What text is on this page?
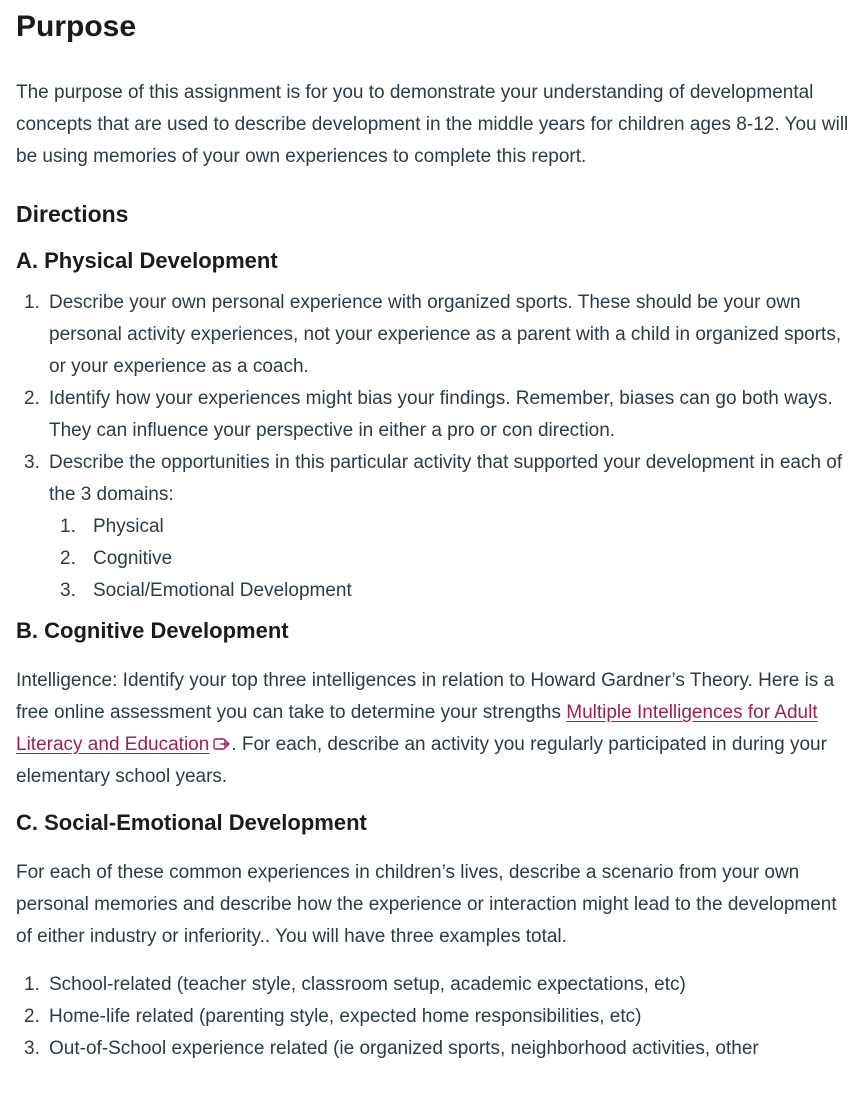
Purpose

The purpose of this assignment is for you to demonstrate your understanding of developmental concepts that are used to describe development in the middle years for children ages 8-12. You will be using memories of your own experiences to complete this report.

Directions
A. Physical Development
1. Describe your own personal experience with organized sports. These should be your own personal activity experiences, not your experience as a parent with a child in organized sports, or your experience as a coach.
2. Identify how your experiences might bias your findings. Remember, biases can go both ways. They can influence your perspective in either a pro or con direction.
3. Describe the opportunities in this particular activity that supported your development in each of the 3 domains:
1. Physical
2. Cognitive
3. Social/Emotional Development
B. Cognitive Development

Intelligence: Identify your top three intelligences in relation to Howard Gardner’s Theory. Here is a free online assessment you can take to determine your strengths Multiple Intelligences for Adult Literacy and Education . For each, describe an activity you regularly participated in during your elementary school years.

C. Social-Emotional Development

For each of these common experiences in children’s lives, describe a scenario from your own personal memories and describe how the experience or interaction might lead to the development of either industry or inferiority.. You will have three examples total.

1. School-related (teacher style, classroom setup, academic expectations, etc)
2. Home-life related (parenting style, expected home responsibilities, etc)
3. Out-of-School experience related (ie organized sports, neighborhood activities, other
